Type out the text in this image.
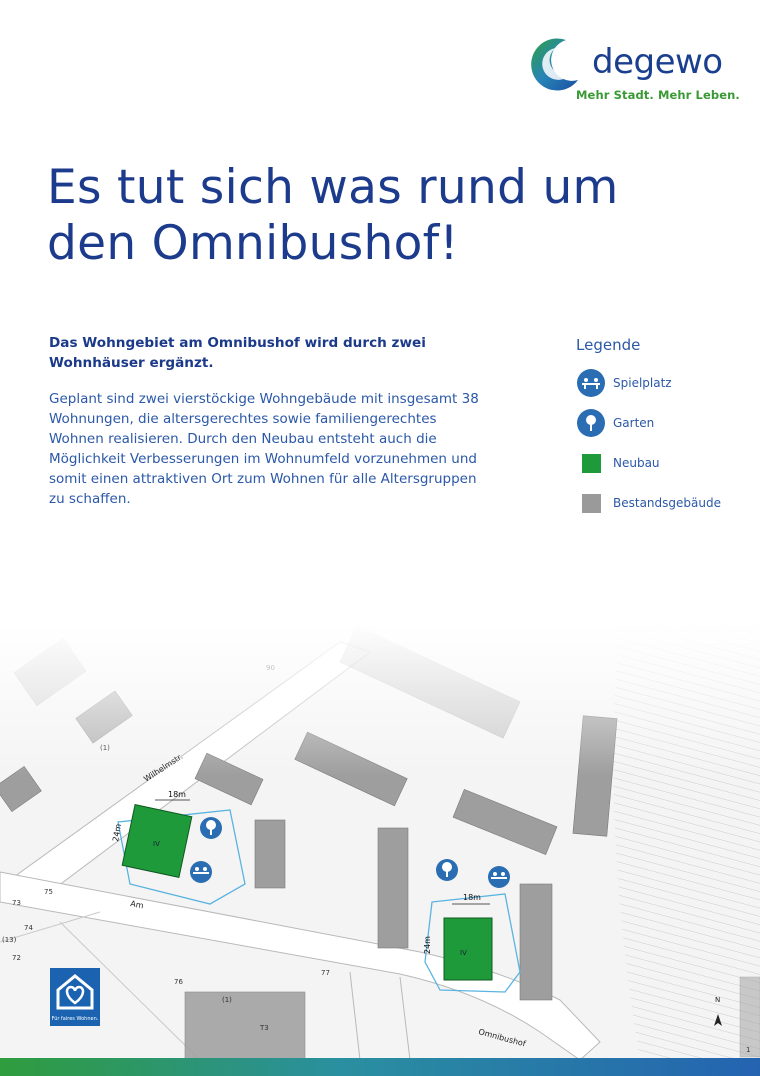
degewo
Mehr Stadt. Mehr Leben.
Es tut sich was rund um den Omnibushof!
Das Wohngebiet am Omnibushof wird durch zwei Wohnhäuser ergänzt.
Geplant sind zwei vierstöckige Wohngebäude mit insgesamt 38 Wohnungen, die altersgerechtes sowie familiengerechtes Wohnen realisieren. Durch den Neubau entsteht auch die Möglichkeit Verbesserungen im Wohnumfeld vorzunehmen und somit einen attraktiven Ort zum Wohnen für alle Altersgruppen zu schaffen.
Legende
Spielplatz
Garten
Neubau
Bestandsgebäude
Für faires Wohnen.
1
